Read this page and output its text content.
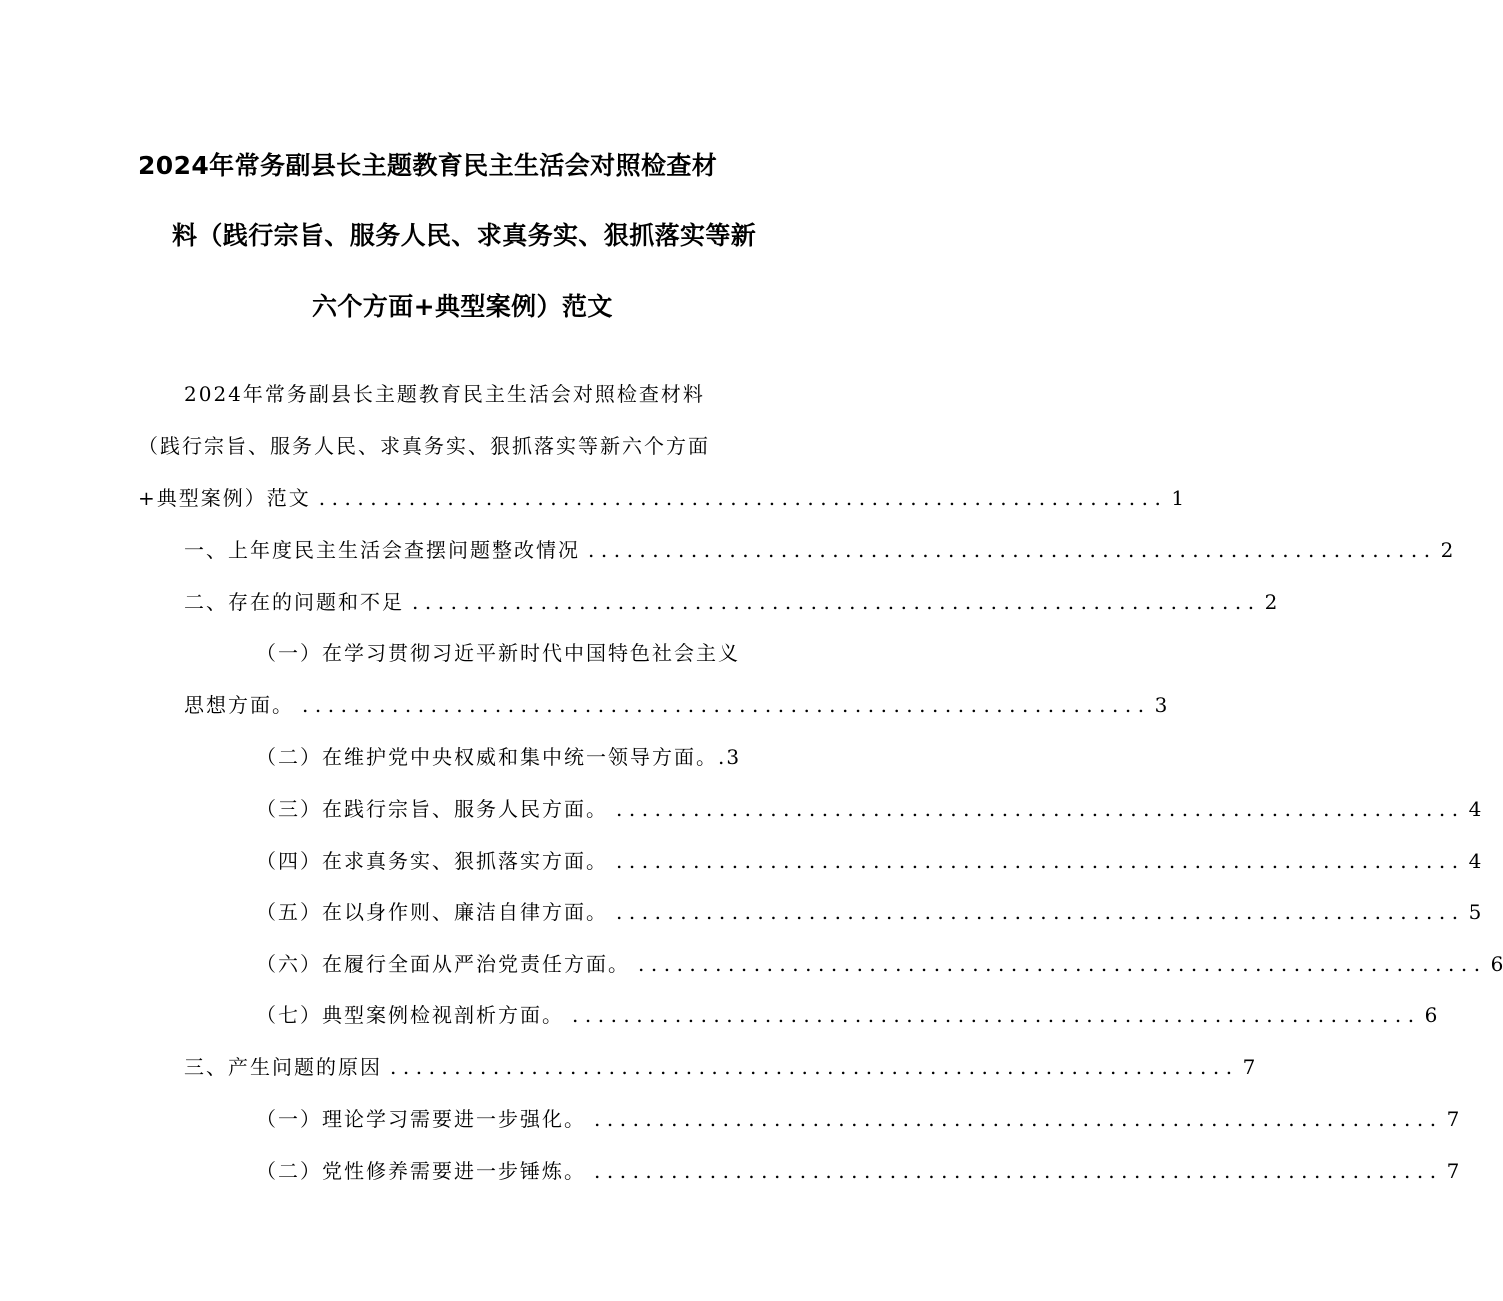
2024年常务副县长主题教育民主生活会对照检查材
料（践行宗旨、服务人民、求真务实、狠抓落实等新
六个方面+典型案例）范文
2024年常务副县长主题教育民主生活会对照检查材料
（践行宗旨、服务人民、求真务实、狠抓落实等新六个方面
+典型案例）范文 .................................................................. 1
一、上年度民主生活会查摆问题整改情况 .................................................................. 2
二、存在的问题和不足 .................................................................. 2
（一）在学习贯彻习近平新时代中国特色社会主义
思想方面。 .................................................................. 3
（二）在维护党中央权威和集中统一领导方面。.3
（三）在践行宗旨、服务人民方面。 .................................................................. 4
（四）在求真务实、狠抓落实方面。 .................................................................. 4
（五）在以身作则、廉洁自律方面。 .................................................................. 5
（六）在履行全面从严治党责任方面。 .................................................................. 6
（七）典型案例检视剖析方面。 .................................................................. 6
三、产生问题的原因 .................................................................. 7
（一）理论学习需要进一步强化。 .................................................................. 7
（二）党性修养需要进一步锤炼。 .................................................................. 7
